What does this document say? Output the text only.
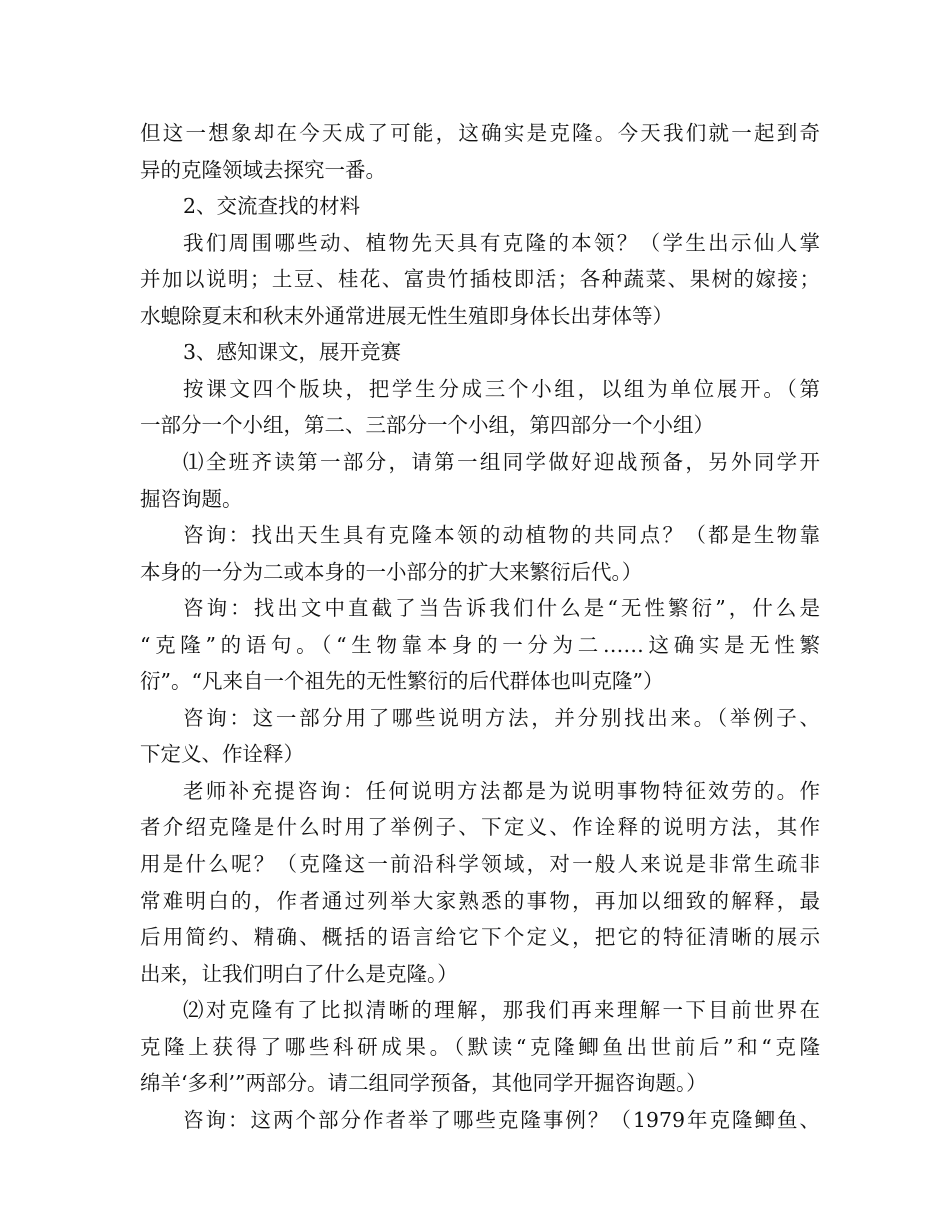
但这一想象却在今天成了可能，这确实是克隆。今天我们就一起到奇
异的克隆领域去探究一番。
2、交流查找的材料
我们周围哪些动、植物先天具有克隆的本领？（学生出示仙人掌
并加以说明；土豆、桂花、富贵竹插枝即活；各种蔬菜、果树的嫁接；
水螅除夏末和秋末外通常进展无性生殖即身体长出芽体等）
3、感知课文，展开竞赛
按课文四个版块，把学生分成三个小组，以组为单位展开。（第
一部分一个小组，第二、三部分一个小组，第四部分一个小组）
⑴全班齐读第一部分，请第一组同学做好迎战预备，另外同学开
掘咨询题。
咨询：找出天生具有克隆本领的动植物的共同点？（都是生物靠
本身的一分为二或本身的一小部分的扩大来繁衍后代。）
咨询：找出文中直截了当告诉我们什么是“无性繁衍”，什么是
“克隆”的语句。（“生物靠本身的一分为二……这确实是无性繁
衍”。“凡来自一个祖先的无性繁衍的后代群体也叫克隆”）
咨询：这一部分用了哪些说明方法，并分别找出来。（举例子、
下定义、作诠释）
老师补充提咨询：任何说明方法都是为说明事物特征效劳的。作
者介绍克隆是什么时用了举例子、下定义、作诠释的说明方法，其作
用是什么呢？（克隆这一前沿科学领域，对一般人来说是非常生疏非
常难明白的，作者通过列举大家熟悉的事物，再加以细致的解释，最
后用简约、精确、概括的语言给它下个定义，把它的特征清晰的展示
出来，让我们明白了什么是克隆。）
⑵对克隆有了比拟清晰的理解，那我们再来理解一下目前世界在
克隆上获得了哪些科研成果。（默读“克隆鲫鱼出世前后”和“克隆
绵羊‘多利’”两部分。请二组同学预备，其他同学开掘咨询题。）
咨询：这两个部分作者举了哪些克隆事例？（1979年克隆鲫鱼、
